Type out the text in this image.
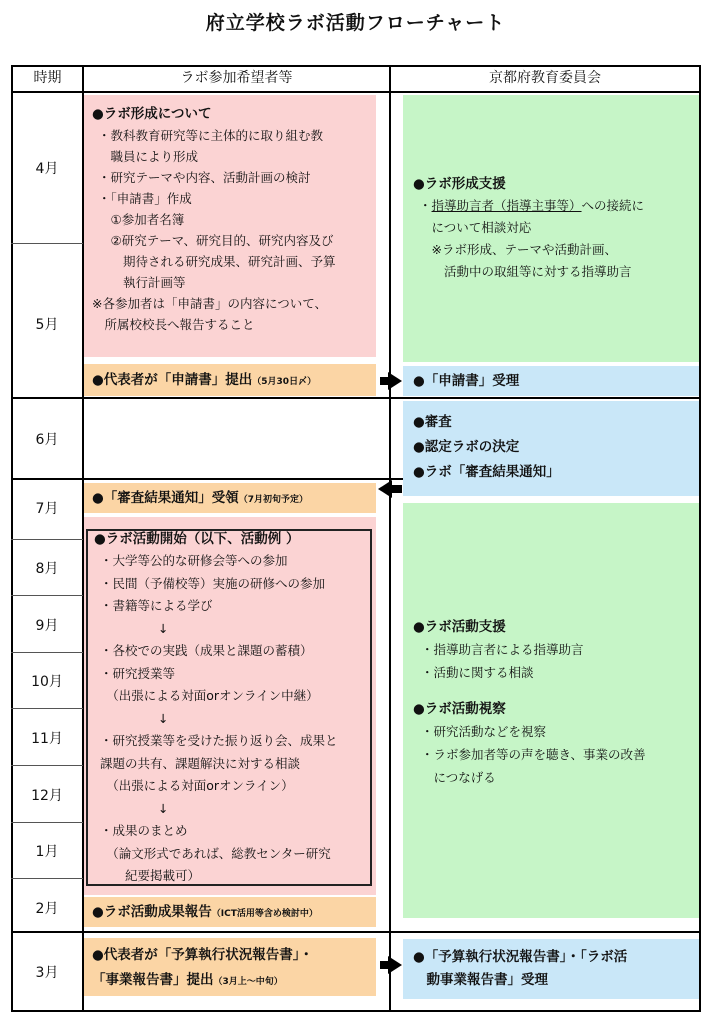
府立学校ラボ活動フローチャート
時期	ラボ参加希望者等	京都府教育委員会
4月
5月
6月
7月
8月
9月
10月
11月
12月
1月
2月
3月
●ラボ形成について
・教科教育研究等に主体的に取り組む教
　職員により形成
・研究テーマや内容、活動計画の検討
・「申請書」作成
　①参加者名簿
　②研究テーマ、研究目的、研究内容及び
　　期待される研究成果、研究計画、予算
　　執行計画等
※各参加者は「申請書」の内容について、
　所属校校長へ報告すること
●代表者が「申請書」提出（5月30日〆）
●「審査結果通知」受領（7月初旬予定）
●ラボ活動開始（以下、活動例 ）
・大学等公的な研修会等への参加
・民間（予備校等）実施の研修への参加
・書籍等による学び
↓
・各校での実践（成果と課題の蓄積）
・研究授業等
　（出張による対面orオンライン中継）
↓
・研究授業等を受けた振り返り会、成果と
課題の共有、課題解決に対する相談
　（出張による対面orオンライン）
↓
・成果のまとめ
　（論文形式であれば、総教センター研究
　　紀要掲載可）
●ラボ活動成果報告（ICT活用等含め検討中）
●代表者が「予算執行状況報告書」・
「事業報告書」提出（3月上～中旬）
●ラボ形成支援
・指導助言者（指導主事等）への接続に
　について相談対応
　※ラボ形成、テーマや活動計画、
　　活動中の取組等に対する指導助言
●「申請書」受理
●審査
●認定ラボの決定
●ラボ「審査結果通知」
●ラボ活動支援
・指導助言者による指導助言
・活動に関する相談
●ラボ活動視察
・研究活動などを視察
・ラボ参加者等の声を聴き、事業の改善
　につなげる
●「予算執行状況報告書」・「ラボ活
　動事業報告書」受理
